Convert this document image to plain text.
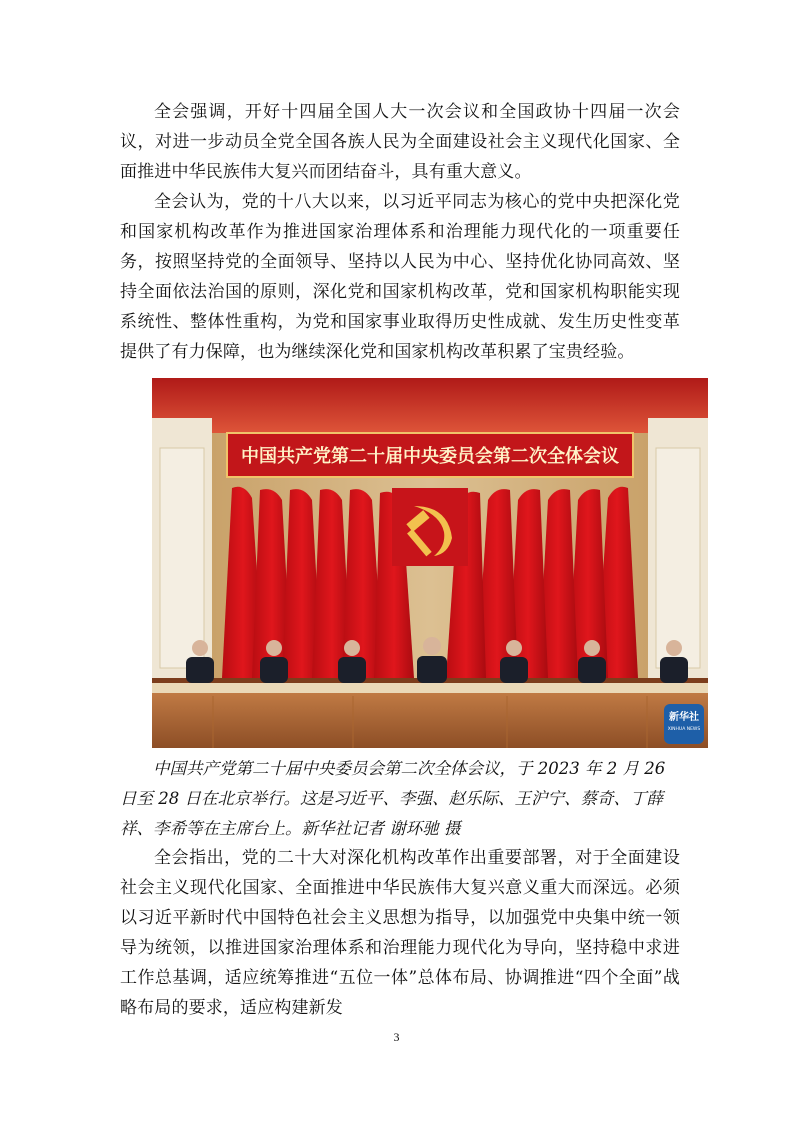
全会强调，开好十四届全国人大一次会议和全国政协十四届一次会议，对进一步动员全党全国各族人民为全面建设社会主义现代化国家、全面推进中华民族伟大复兴而团结奋斗，具有重大意义。

全会认为，党的十八大以来，以习近平同志为核心的党中央把深化党和国家机构改革作为推进国家治理体系和治理能力现代化的一项重要任务，按照坚持党的全面领导、坚持以人民为中心、坚持优化协同高效、坚持全面依法治国的原则，深化党和国家机构改革，党和国家机构职能实现系统性、整体性重构，为党和国家事业取得历史性成就、发生历史性变革提供了有力保障，也为继续深化党和国家机构改革积累了宝贵经验。

中国共产党第二十届中央委员会第二次全体会议
新华社
XINHUA NEWS

中国共产党第二十届中央委员会第二次全体会议，于 2023 年 2 月 26 日至 28 日在北京举行。这是习近平、李强、赵乐际、王沪宁、蔡奇、丁薛祥、李希等在主席台上。新华社记者 谢环驰 摄

全会指出，党的二十大对深化机构改革作出重要部署，对于全面建设社会主义现代化国家、全面推进中华民族伟大复兴意义重大而深远。必须以习近平新时代中国特色社会主义思想为指导，以加强党中央集中统一领导为统领，以推进国家治理体系和治理能力现代化为导向，坚持稳中求进工作总基调，适应统筹推进“五位一体”总体布局、协调推进“四个全面”战略布局的要求，适应构建新发

3
